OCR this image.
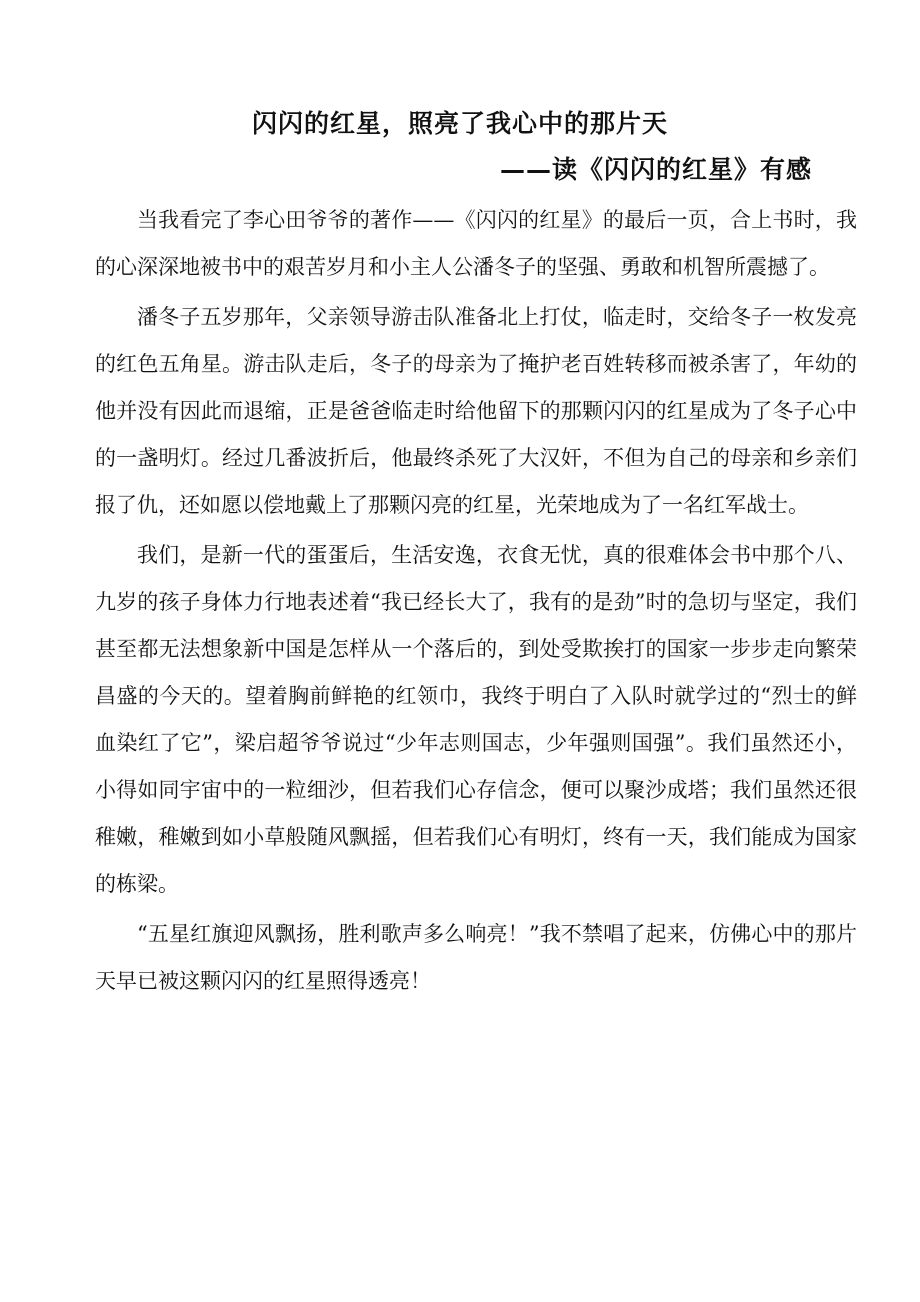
闪闪的红星，照亮了我心中的那片天
——读《闪闪的红星》有感

当我看完了李心田爷爷的著作——《闪闪的红星》的最后一页，合上书时，我的心深深地被书中的艰苦岁月和小主人公潘冬子的坚强、勇敢和机智所震撼了。

潘冬子五岁那年，父亲领导游击队准备北上打仗，临走时，交给冬子一枚发亮的红色五角星。游击队走后，冬子的母亲为了掩护老百姓转移而被杀害了，年幼的他并没有因此而退缩，正是爸爸临走时给他留下的那颗闪闪的红星成为了冬子心中的一盏明灯。经过几番波折后，他最终杀死了大汉奸，不但为自己的母亲和乡亲们报了仇，还如愿以偿地戴上了那颗闪亮的红星，光荣地成为了一名红军战士。

我们，是新一代的蛋蛋后，生活安逸，衣食无忧，真的很难体会书中那个八、九岁的孩子身体力行地表述着“我已经长大了，我有的是劲”时的急切与坚定，我们甚至都无法想象新中国是怎样从一个落后的，到处受欺挨打的国家一步步走向繁荣昌盛的今天的。望着胸前鲜艳的红领巾，我终于明白了入队时就学过的“烈士的鲜血染红了它”，梁启超爷爷说过“少年志则国志，少年强则国强”。我们虽然还小，小得如同宇宙中的一粒细沙，但若我们心存信念，便可以聚沙成塔；我们虽然还很稚嫩，稚嫩到如小草般随风飘摇，但若我们心有明灯，终有一天，我们能成为国家的栋梁。

“五星红旗迎风飘扬，胜利歌声多么响亮！”我不禁唱了起来，仿佛心中的那片天早已被这颗闪闪的红星照得透亮！
